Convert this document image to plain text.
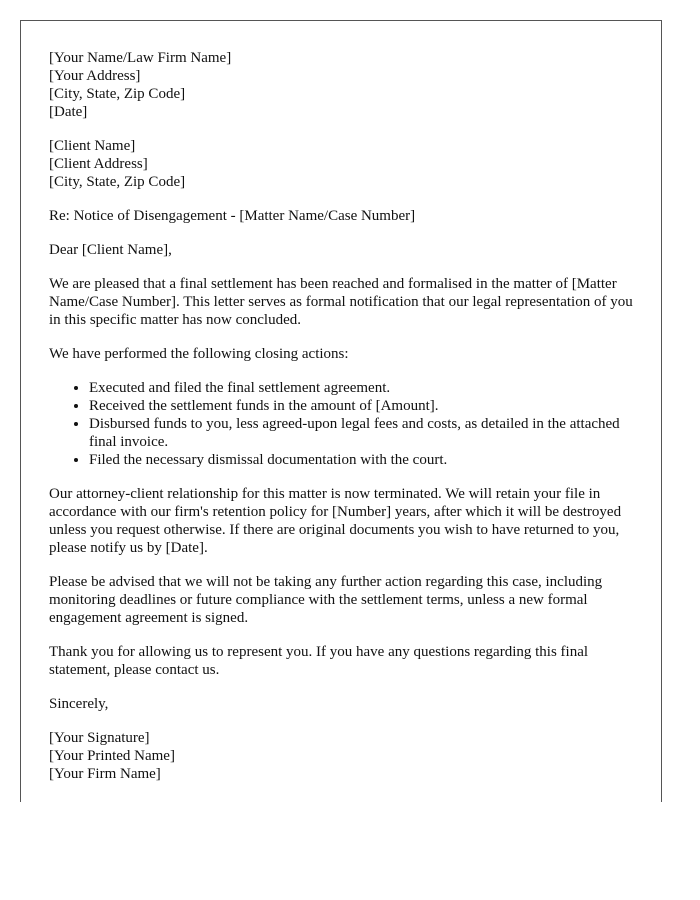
[Your Name/Law Firm Name]
[Your Address]
[City, State, Zip Code]
[Date]

[Client Name]
[Client Address]
[City, State, Zip Code]

Re: Notice of Disengagement - [Matter Name/Case Number]

Dear [Client Name],

We are pleased that a final settlement has been reached and formalised in the matter of [Matter Name/Case Number]. This letter serves as formal notification that our legal representation of you in this specific matter has now concluded.

We have performed the following closing actions:

• Executed and filed the final settlement agreement.
• Received the settlement funds in the amount of [Amount].
• Disbursed funds to you, less agreed-upon legal fees and costs, as detailed in the attached final invoice.
• Filed the necessary dismissal documentation with the court.

Our attorney-client relationship for this matter is now terminated. We will retain your file in accordance with our firm's retention policy for [Number] years, after which it will be destroyed unless you request otherwise. If there are original documents you wish to have returned to you, please notify us by [Date].

Please be advised that we will not be taking any further action regarding this case, including monitoring deadlines or future compliance with the settlement terms, unless a new formal engagement agreement is signed.

Thank you for allowing us to represent you. If you have any questions regarding this final statement, please contact us.

Sincerely,

[Your Signature]
[Your Printed Name]
[Your Firm Name]
